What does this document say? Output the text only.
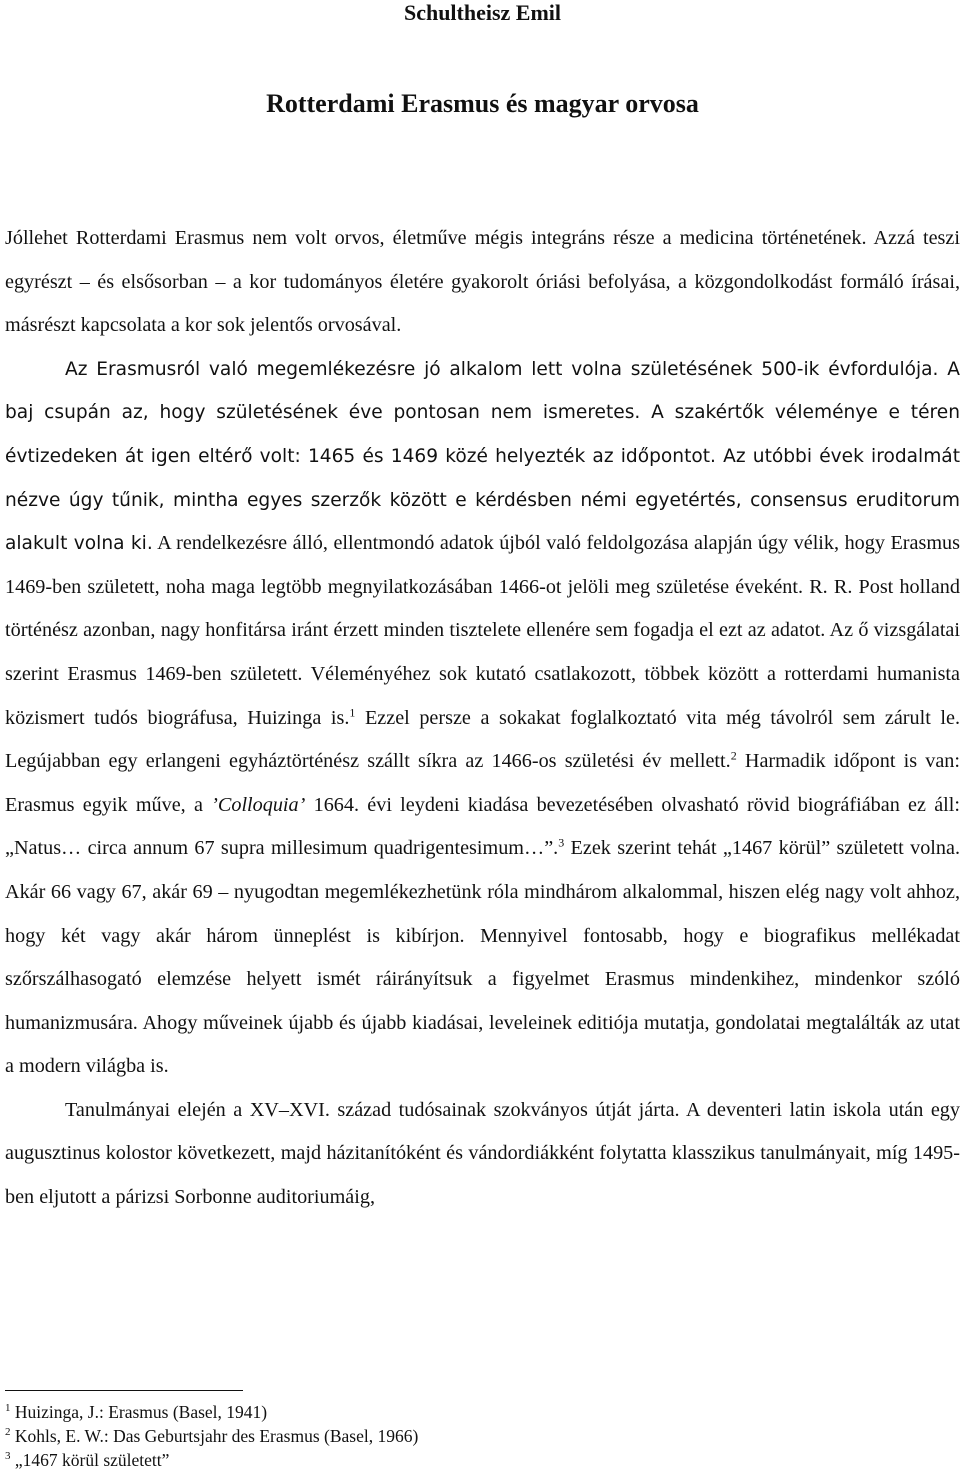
Schultheisz Emil
Rotterdami Erasmus és magyar orvosa

Jóllehet Rotterdami Erasmus nem volt orvos, életműve mégis integráns része a medicina történetének. Azzá teszi egyrészt – és elsősorban – a kor tudományos életére gyakorolt óriási befolyása, a közgondolkodást formáló írásai, másrészt kapcsolata a kor sok jelentős orvosával.

Az Erasmusról való megemlékezésre jó alkalom lett volna születésének 500-ik évfordulója. A baj csupán az, hogy születésének éve pontosan nem ismeretes. A szakértők véleménye e téren évtizedeken át igen eltérő volt: 1465 és 1469 közé helyezték az időpontot. Az utóbbi évek irodalmát nézve úgy tűnik, mintha egyes szerzők között e kérdésben némi egyetértés, consensus eruditorum alakult volna ki. A rendelkezésre álló, ellentmondó adatok újból való feldolgozása alapján úgy vélik, hogy Erasmus 1469-ben született, noha maga legtöbb megnyilatkozásában 1466-ot jelöli meg születése éveként. R. R. Post holland történész azonban, nagy honfitársa iránt érzett minden tisztelete ellenére sem fogadja el ezt az adatot. Az ő vizsgálatai szerint Erasmus 1469-ben született. Véleményéhez sok kutató csatlakozott, többek között a rotterdami humanista közismert tudós biográfusa, Huizinga is.$^1$ Ezzel persze a sokakat foglalkoztató vita még távolról sem zárult le. Legújabban egy erlangeni egyháztörténész szállt síkra az 1466-os születési év mellett.$^2$ Harmadik időpont is van: Erasmus egyik műve, a ’Colloquia’ 1664. évi leydeni kiadása bevezetésében olvasható rövid biográfiában ez áll: „Natus… circa annum 67 supra millesimum quadrigentesimum…”.$^3$ Ezek szerint tehát „1467 körül” született volna. Akár 66 vagy 67, akár 69 – nyugodtan megemlékezhetünk róla mindhárom alkalommal, hiszen elég nagy volt ahhoz, hogy két vagy akár három ünneplést is kibírjon. Mennyivel fontosabb, hogy e biografikus mellékadat szőrszálhasogató elemzése helyett ismét ráirányítsuk a figyelmet Erasmus mindenkihez, mindenkor szóló humanizmusára. Ahogy műveinek újabb és újabb kiadásai, leveleinek editiója mutatja, gondolatai megtalálták az utat a modern világba is.

Tanulmányai elején a XV–XVI. század tudósainak szokványos útját járta. A deventeri latin iskola után egy augusztinus kolostor következett, majd házitanítóként és vándordiákként folytatta klasszikus tanulmányait, míg 1495-ben eljutott a párizsi Sorbonne auditoriumáig,

$^1$ Huizinga, J.: Erasmus (Basel, 1941)
$^2$ Kohls, E. W.: Das Geburtsjahr des Erasmus (Basel, 1966)
$^3$ „1467 körül született”
